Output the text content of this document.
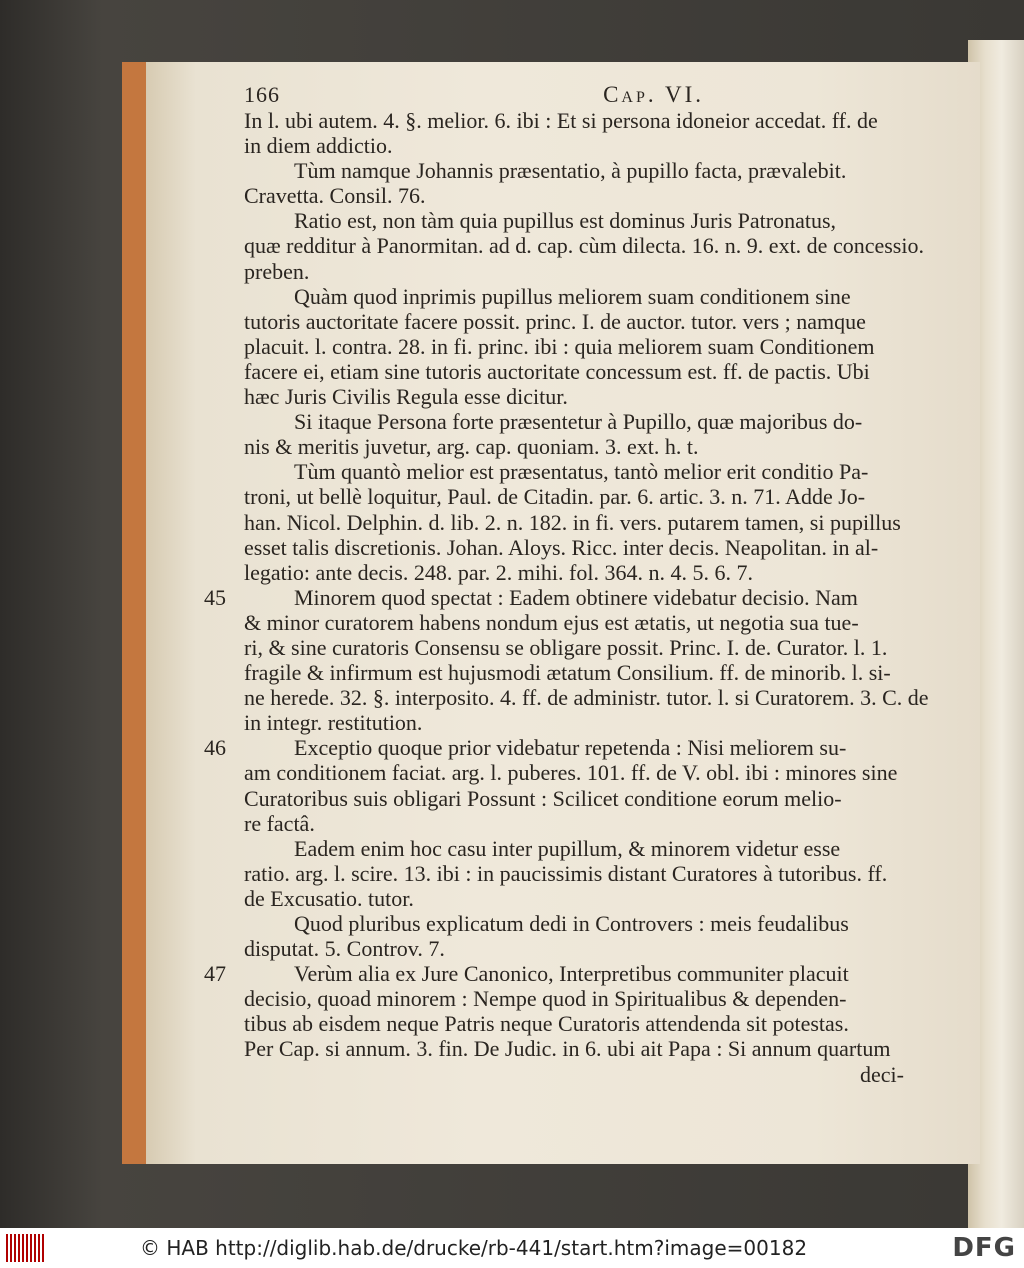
166	Cap. VI.
In l. ubi autem. 4. §. melior. 6. ibi : Et si persona idoneior accedat. ff. de
in diem addictio.
Tùm namque Johannis præsentatio, à pupillo facta, prævalebit.
Cravetta. Consil. 76.
Ratio est, non tàm quia pupillus est dominus Juris Patronatus,
quæ redditur à Panormitan. ad d. cap. cùm dilecta. 16. n. 9. ext. de concessio.
preben.
Quàm quod inprimis pupillus meliorem suam conditionem sine
tutoris auctoritate facere possit. princ. I. de auctor. tutor. vers ; namque
placuit. l. contra. 28. in fi. princ. ibi : quia meliorem suam Conditionem
facere ei, etiam sine tutoris auctoritate concessum est. ff. de pactis. Ubi
hæc Juris Civilis Regula esse dicitur.
Si itaque Persona forte præsentetur à Pupillo, quæ majoribus do-
nis & meritis juvetur, arg. cap. quoniam. 3. ext. h. t.
Tùm quantò melior est præsentatus, tantò melior erit conditio Pa-
troni, ut bellè loquitur, Paul. de Citadin. par. 6. artic. 3. n. 71. Adde Jo-
han. Nicol. Delphin. d. lib. 2. n. 182. in fi. vers. putarem tamen, si pupillus
esset talis discretionis. Johan. Aloys. Ricc. inter decis. Neapolitan. in al-
legatio: ante decis. 248. par. 2. mihi. fol. 364. n. 4. 5. 6. 7.
Minorem quod spectat : Eadem obtinere videbatur decisio. Nam
45
& minor curatorem habens nondum ejus est ætatis, ut negotia sua tue-
ri, & sine curatoris Consensu se obligare possit. Princ. I. de. Curator. l. 1.
fragile & infirmum est hujusmodi ætatum Consilium. ff. de minorib. l. si-
ne herede. 32. §. interposito. 4. ff. de administr. tutor. l. si Curatorem. 3. C. de
in integr. restitution.
Exceptio quoque prior videbatur repetenda : Nisi meliorem su-
46
am conditionem faciat. arg. l. puberes. 101. ff. de V. obl. ibi : minores sine
Curatoribus suis obligari Possunt : Scilicet conditione eorum melio-
re factâ.
Eadem enim hoc casu inter pupillum, & minorem videtur esse
ratio. arg. l. scire. 13. ibi : in paucissimis distant Curatores à tutoribus. ff.
de Excusatio. tutor.
Quod pluribus explicatum dedi in Controvers : meis feudalibus
disputat. 5. Controv. 7.
Verùm alia ex Jure Canonico, Interpretibus communiter placuit
47
decisio, quoad minorem : Nempe quod in Spiritualibus & dependen-
tibus ab eisdem neque Patris neque Curatoris attendenda sit potestas.
Per Cap. si annum. 3. fin. De Judic. in 6. ubi ait Papa : Si annum quartum
deci-
© HAB http://diglib.hab.de/drucke/rb-441/start.htm?image=00182	DFG
